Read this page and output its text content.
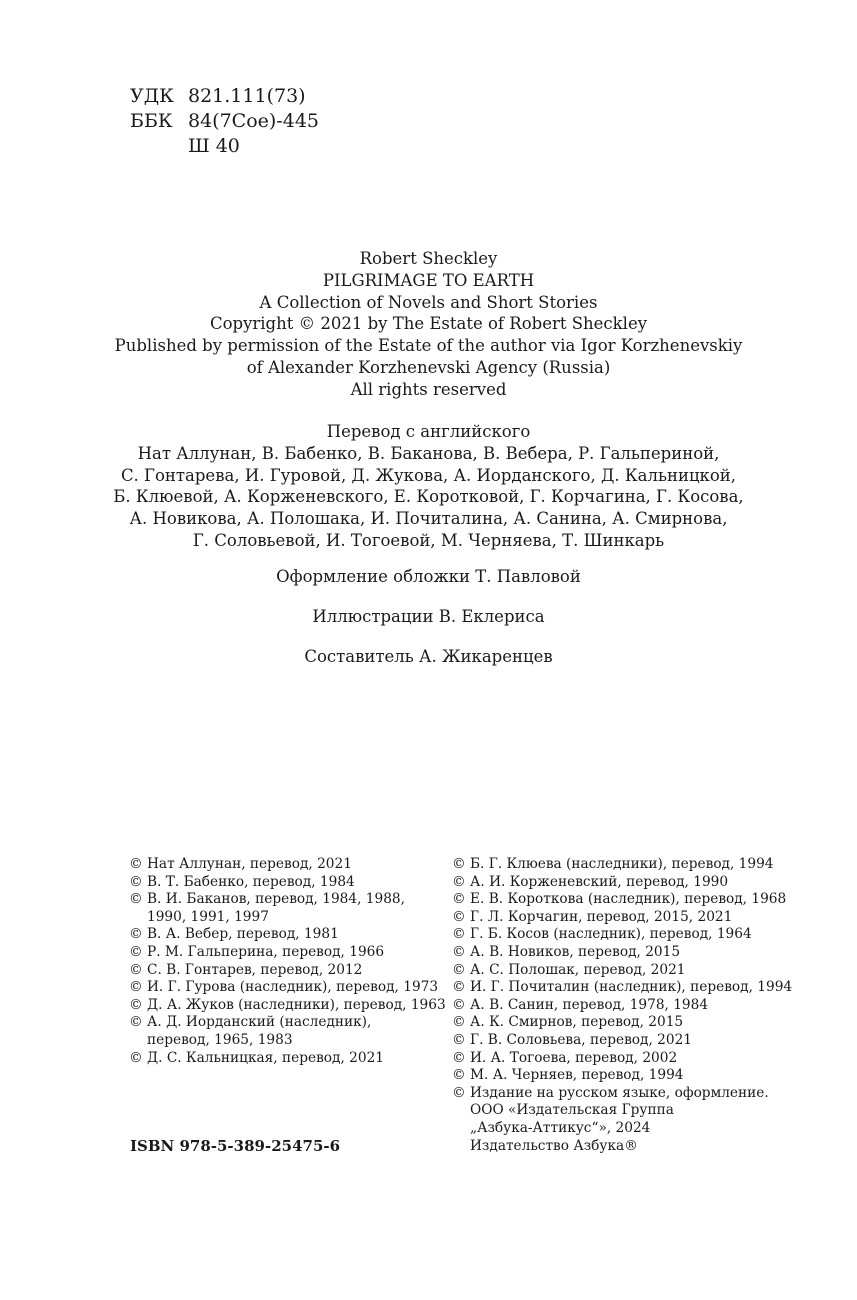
УДК 821.111(73)
ББК 84(7Сое)-445
Ш 40
Robert Sheckley
PILGRIMAGE TO EARTH
A Collection of Novels and Short Stories
Copyright © 2021 by The Estate of Robert Sheckley
Published by permission of the Estate of the author via Igor Korzhenevskiy
of Alexander Korzhenevski Agency (Russia)
All rights reserved
Перевод с английского
Нат Аллунан, В. Бабенко, В. Бакановa, В. Вебера, Р. Гальпериной,
С. Гонтарева, И. Гуровой, Д. Жукова, А. Иорданского, Д. Кальницкой,
Б. Клюевой, А. Корженевского, Е. Коротковой, Г. Корчагина, Г. Косова,
А. Новикова, А. Полошака, И. Почиталина, А. Санина, А. Смирнова,
Г. Соловьевой, И. Тогоевой, М. Черняева, Т. Шинкарь
Оформление обложки Т. Павловой
Иллюстрации В. Еклериса
Составитель А. Жикаренцев
© Нат Аллунан, перевод, 2021
© В. Т. Бабенко, перевод, 1984
© В. И. Баканов, перевод, 1984, 1988,
1990, 1991, 1997
© В. А. Вебер, перевод, 1981
© Р. М. Гальперина, перевод, 1966
© С. В. Гонтарев, перевод, 2012
© И. Г. Гурова (наследник), перевод, 1973
© Д. А. Жуков (наследники), перевод, 1963
© А. Д. Иорданский (наследник),
перевод, 1965, 1983
© Д. С. Кальницкая, перевод, 2021
© Б. Г. Клюева (наследники), перевод, 1994
© А. И. Корженевский, перевод, 1990
© Е. В. Короткова (наследник), перевод, 1968
© Г. Л. Корчагин, перевод, 2015, 2021
© Г. Б. Косов (наследник), перевод, 1964
© А. В. Новиков, перевод, 2015
© А. С. Полошак, перевод, 2021
© И. Г. Почиталин (наследник), перевод, 1994
© А. В. Санин, перевод, 1978, 1984
© А. К. Смирнов, перевод, 2015
© Г. В. Соловьева, перевод, 2021
© И. А. Тогоева, перевод, 2002
© М. А. Черняев, перевод, 1994
© Издание на русском языке, оформление.
ООО «Издательская Группа
„Азбука-Аттикус“», 2024
Издательство Азбука®
ISBN 978-5-389-25475-6
